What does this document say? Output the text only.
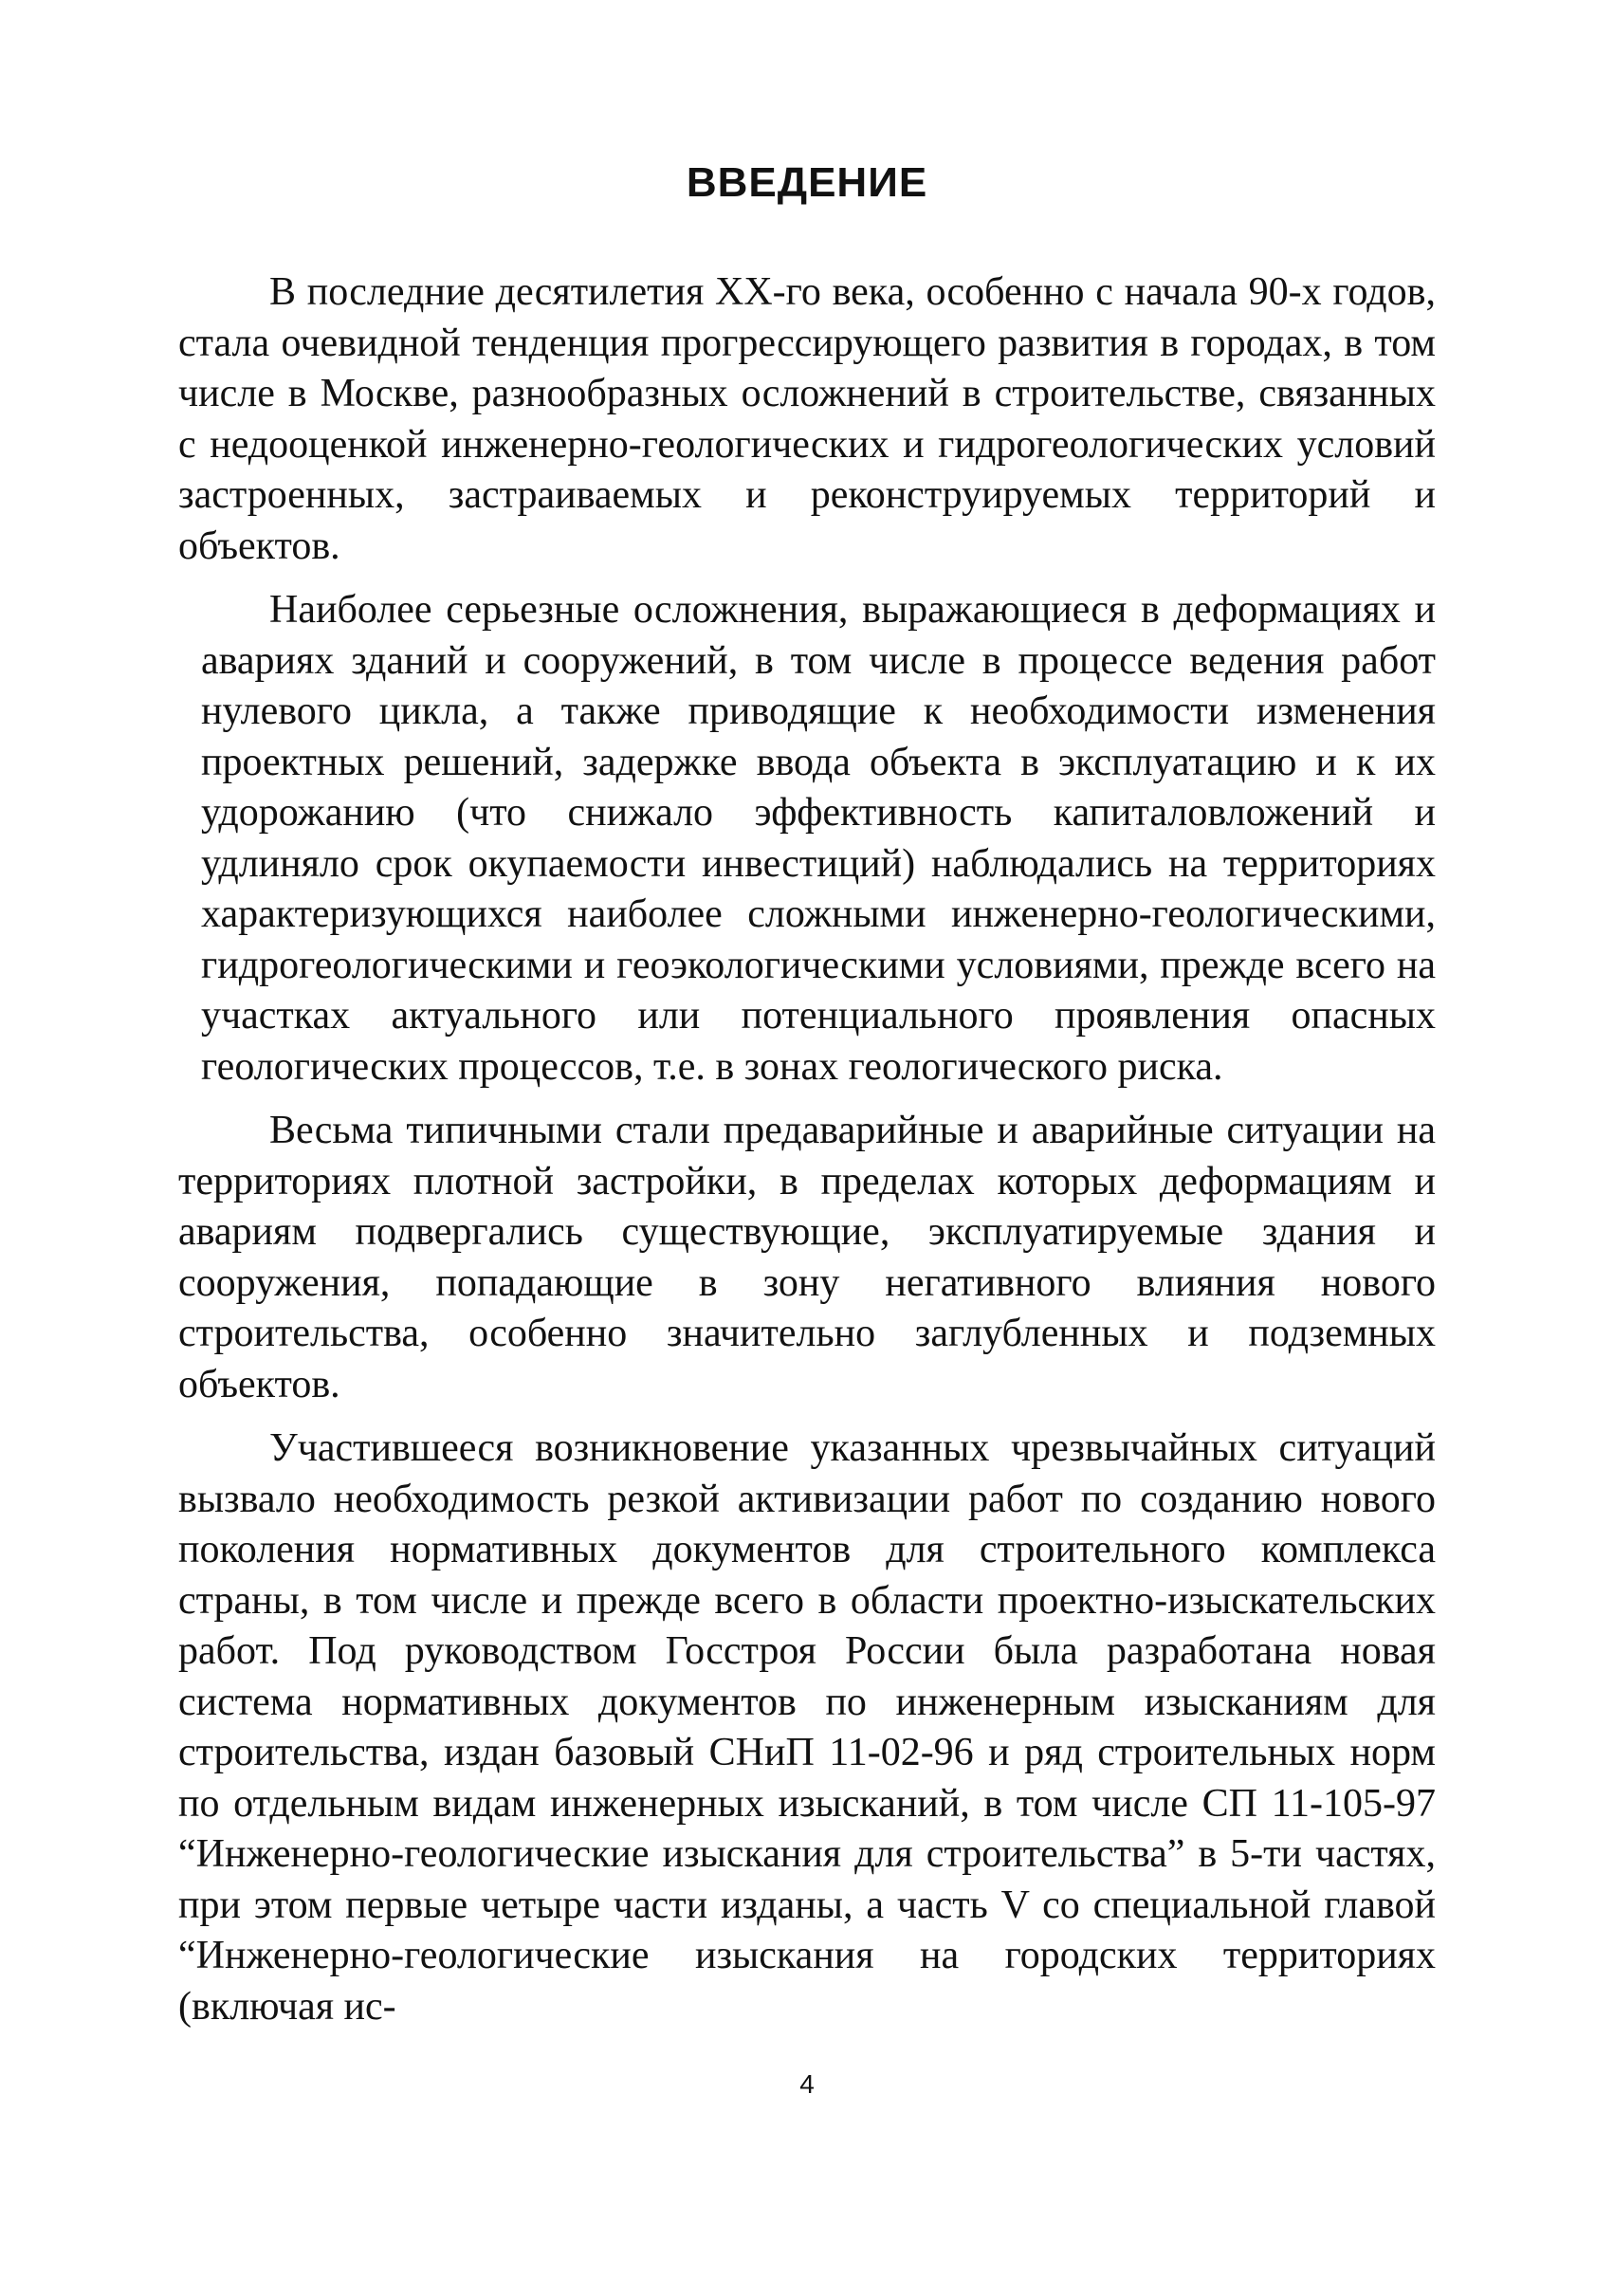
ВВЕДЕНИЕ

В последние десятилетия XX-го века, особенно с начала 90-х годов, стала очевидной тенденция прогрессирующего развития в городах, в том числе в Москве, разнообразных осложнений в строительстве, связанных с недооценкой инженерно-геологических и гидрогеологических условий застроенных, застраиваемых и реконструируемых территорий и объектов.

Наиболее серьезные осложнения, выражающиеся в деформациях и авариях зданий и сооружений, в том числе в процессе ведения работ нулевого цикла, а также приводящие к необходимости изменения проектных решений, задержке ввода объекта в эксплуатацию и к их удорожанию (что снижало эффективность капиталовложений и удлиняло срок окупаемости инвестиций) наблюдались на территориях характеризующихся наиболее сложными инженерно-геологическими, гидрогеологическими и геоэкологическими условиями, прежде всего на участках актуального или потенциального проявления опасных геологических процессов, т.е. в зонах геологического риска.

Весьма типичными стали предаварийные и аварийные ситуации на территориях плотной застройки, в пределах которых деформациям и авариям подвергались существующие, эксплуатируемые здания и сооружения, попадающие в зону негативного влияния нового строительства, особенно значительно заглубленных и подземных объектов.

Участившееся возникновение указанных чрезвычайных ситуаций вызвало необходимость резкой активизации работ по созданию нового поколения нормативных документов для строительного комплекса страны, в том числе и прежде всего в области проектно-изыскательских работ. Под руководством Госстроя России была разработана новая система нормативных документов по инженерным изысканиям для строительства, издан базовый СНиП 11-02-96 и ряд строительных норм по отдельным видам инженерных изысканий, в том числе СП 11-105-97 “Инженерно-геологические изыскания для строительства” в 5-ти частях, при этом первые четыре части изданы, а часть V со специальной главой “Инженерно-геологические изыскания на городских территориях (включая ис-

4
